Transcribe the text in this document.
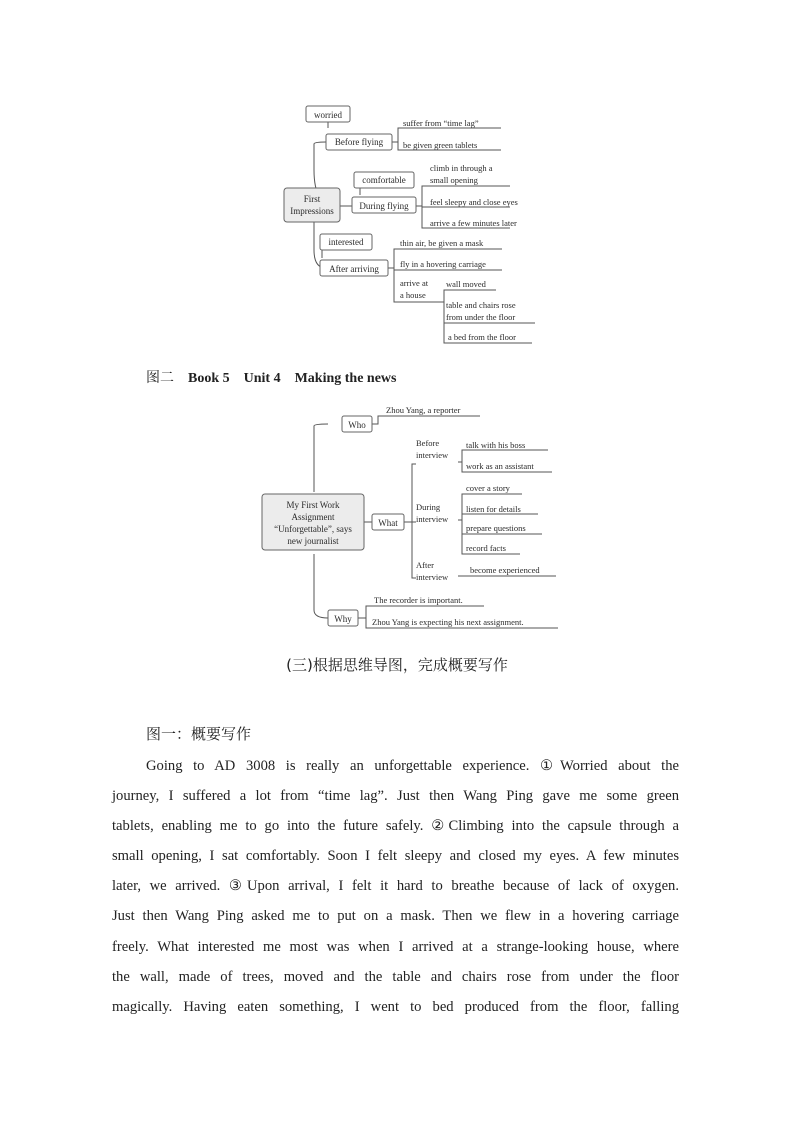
First
Impressions
worried
Before flying
suffer from “time lag”
be given green tablets
comfortable
During flying
climb in through a
small opening
feel sleepy and close eyes
arrive a few minutes later
interested
After arriving
thin air, be given a mask
fly in a hovering carriage
arrive at
a house
wall moved
table and chairs rose
from under the floor
a bed from the floor
图二 Book 5    Unit 4    Making the news
My First Work
Assignment
“Unforgettable”, says
new journalist
Who
Zhou Yang, a reporter
What
Before
interview
talk with his boss
work as an assistant
During
interview
cover a story
listen for details
prepare questions
record facts
After
interview
become experienced
Why
The recorder is important.
Zhou Yang is expecting his next assignment.
(三)根据思维导图，完成概要写作
图一：概要写作
Going to AD 3008 is really an unforgettable experience. ①Worried about the
journey, I suffered a lot from “time lag”. Just then Wang Ping gave me some green
tablets, enabling me to go into the future safely. ②Climbing into the capsule through a
small opening, I sat comfortably. Soon I felt sleepy and closed my eyes. A few minutes
later, we arrived. ③Upon arrival, I felt it hard to breathe because of lack of oxygen.
Just then Wang Ping asked me to put on a mask. Then we flew in a hovering carriage
freely. What interested me most was when I arrived at a strange-looking house, where
the wall, made of trees, moved and the table and chairs rose from under the floor
magically. Having eaten something, I went to bed produced from the floor, falling
